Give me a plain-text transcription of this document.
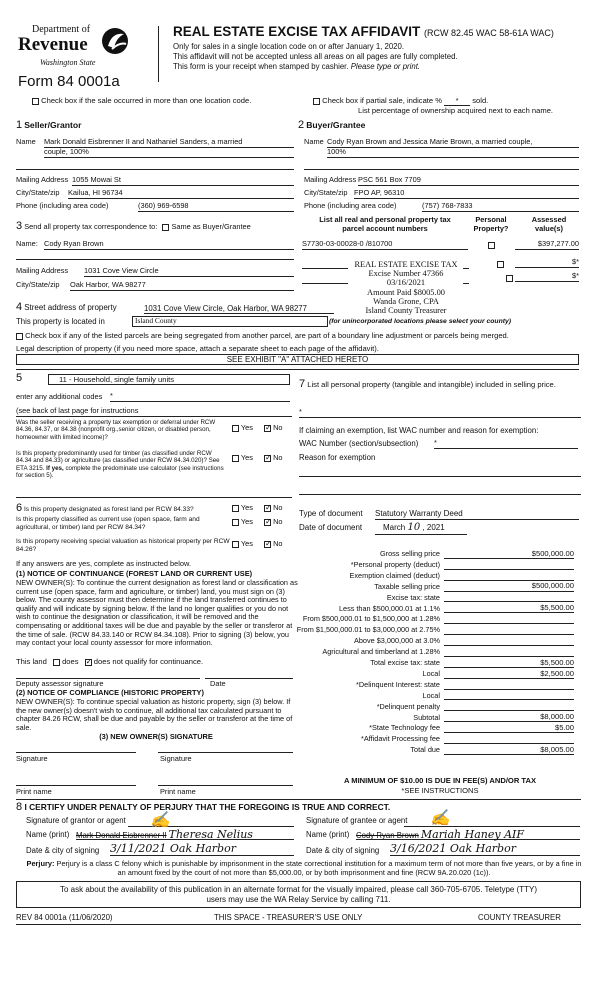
Department of
Revenue
Washington State
Form 84 0001a
REAL ESTATE EXCISE TAX AFFIDAVIT (RCW 82.45 WAC 58-61A WAC)
Only for sales in a single location code on or after January 1, 2020.
This affidavit will not be accepted unless all areas on all pages are fully completed.
This form is your receipt when stamped by cashier. Please type or print.
Check box if the sale occurred in more than one location code.	Check box if partial sale, indicate % * sold.
List percentage of ownership acquired next to each name.
1 Seller/Grantor
Name Mark Donald Eisbrenner II and Nathaniel Sanders, a married
couple, 100%
Mailing Address 1055 Mowai St
City/State/zip Kailua, HI 96734
Phone (including area code)	(360) 969-6598
2 Buyer/Grantee
Name Cody Ryan Brown and Jessica Marie Brown, a married couple,
100%
Mailing Address PSC 561 Box 7709
City/State/zip FPO AP, 96310
Phone (including area code)	(757) 768-7833
3 Send all property tax correspondence to: Same as Buyer/Grantee
Name: Cody Ryan Brown
Mailing Address 1031 Cove View Circle
City/State/zip Oak Harbor, WA 98277
List all real and personal property tax
parcel account numbers
Personal
Property?
Assessed
value(s)
S7730-03-00028-0 /810700
	$397,277.00

$*
$*
REAL ESTATE EXCISE TAX
Excise Number 47366
03/16/2021
Amount Paid $8005.00
Wanda Grone, CPA
Island County Treasurer
4 Street address of property	1031 Cove View Circle, Oak Harbor, WA 98277
This property is located in	Island County	(for unincorporated locations please select your county)
Check box if any of the listed parcels are being segregated from another parcel, are part of a boundary line adjustment or parcels being merged.
Legal description of property (if you need more space, attach a separate sheet to each page of the affidavit).
SEE EXHIBIT "A" ATTACHED HERETO
5	11 - Household, single family units
enter any additional codes *
(see back of last page for instructions
Was the seller receiving a property tax exemption or deferral under RCW 84.36, 84.37, or 84.38 (nonprofit org.,senior citizen, or disabled person, homeowner with limited income)?
Yes ✓	No
Is this property predominantly used for timber (as classified under RCW 84.34 and 84.33) or agriculture (as classified under RCW 84.34.020)? See ETA 3215. If yes, complete the predominate use calculator (see instructions for section 5).
Yes ✓	No
6 Is this property designated as forest land per RCW 84.33?	Yes ✓	No
Is this property classified as current use (open space, farm and agricultural, or timber) land per RCW 84.34?
Yes ✓	No
Is this property receiving special valuation as historical property per RCW 84.26?
Yes ✓	No
If any answers are yes, complete as instructed below.
(1) NOTICE OF CONTINUANCE (FOREST LAND OR CURRENT USE)
NEW OWNER(S): To continue the current designation as forest land or classification as current use (open space, farm and agriculture, or timber) land, you must sign on (3) below. The county assessor must then determine if the land transferred continues to qualify and will indicate by signing below. If the land no longer qualifies or you do not wish to continue the designation or classification, it will be removed and the compensating or additional taxes will be due and payable by the seller or transferor at the time of sale. (RCW 84.33.140 or RCW 84.34.108). Prior to signing (3) below, you may contact your local county assessor for more information.
This land does ✓ does not qualify for continuance.
Deputy assessor signature	Date
(2) NOTICE OF COMPLIANCE (HISTORIC PROPERTY)
NEW OWNER(S): To continue special valuation as historic property, sign (3) below. If the new owner(s) doesn't wish to continue, all additional tax calculated pursuant to chapter 84.26 RCW, shall be due and payable by the seller or transferor at the time of sale.
(3) NEW OWNER(S) SIGNATURE
Signature	Signature
Print name	Print name
7 List all personal property (tangible and intangible) included in selling price.
*
If claiming an exemption, list WAC number and reason for exemption:
WAC Number (section/subsection) *
Reason for exemption
Type of document Statutory Warranty Deed
Date of document	March 10 , 2021
Gross selling price	$500,000.00
*Personal property (deduct)
Exemption claimed (deduct)
Taxable selling price	$500,000.00
Excise tax: state
Less than $500,000.01 at 1.1%	$5,500.00
From $500,000.01 to $1,500,000 at 1.28%
From $1,500,000.01 to $3,000,000 at 2.75%
Above $3,000,000 at 3.0%
Agricultural and timberland at 1.28%
Total excise tax: state	$5,500.00
Local	$2,500.00
*Delinquent Interest: state
Local
*Delinquent penalty
Subtotal	$8,000.00
*State Technology fee	$5.00
*Affidavit Processing fee
Total due	$8,005.00
A MINIMUM OF $10.00 IS DUE IN FEE(S) AND/OR TAX
*SEE INSTRUCTIONS
8 I CERTIFY UNDER PENALTY OF PERJURY THAT THE FOREGOING IS TRUE AND CORRECT.
Signature of grantor or agent ✍	Signature of grantee or agent ✍
Name (print) Mark Donald Eisbrenner II Theresa Nelius	Name (print) Cody Ryan Brown Mariah Haney AIF
Date & city of signing 3/11/2021 Oak Harbor	Date & city of signing 3/16/2021 Oak Harbor
Perjury: Perjury is a class C felony which is punishable by imprisonment in the state correctional institution for a maximum term of not more than five years, or by a fine in an amount fixed by the court of not more than $5,000.00, or by both imprisonment and fine (RCW 9A.20.020 (1c)).
To ask about the availability of this publication in an alternate format for the visually impaired, please call 360-705-6705. Teletype (TTY) users may use the WA Relay Service by calling 711.
REV 84 0001a (11/06/2020)	THIS SPACE - TREASURER'S USE ONLY	COUNTY TREASURER
